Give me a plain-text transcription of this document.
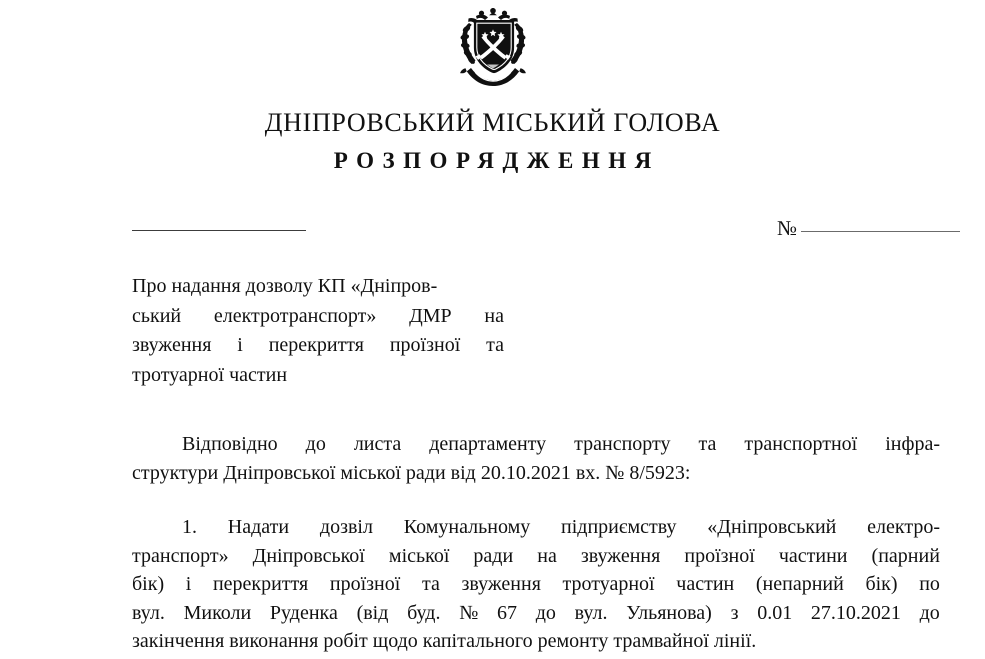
ДНІПРОВСЬКИЙ МІСЬКИЙ ГОЛОВА
РОЗПОРЯДЖЕННЯ
№
Про надання дозволу КП «Дніпров-
ський електротранспорт» ДМР на
звуження і перекриття проїзної та
тротуарної частин
Відповідно до листа департаменту транспорту та транспортної інфра-
структури Дніпровської міської ради від 20.10.2021 вх. № 8/5923:
1. Надати дозвіл Комунальному підприємству «Дніпровський електро-
транспорт» Дніпровської міської ради на звуження проїзної частини (парний
бік) і перекриття проїзної та звуження тротуарної частин (непарний бік) по
вул. Миколи Руденка (від буд. № 67 до вул. Ульянова) з 0.01 27.10.2021 до
закінчення виконання робіт щодо капітального ремонту трамвайної лінії.
